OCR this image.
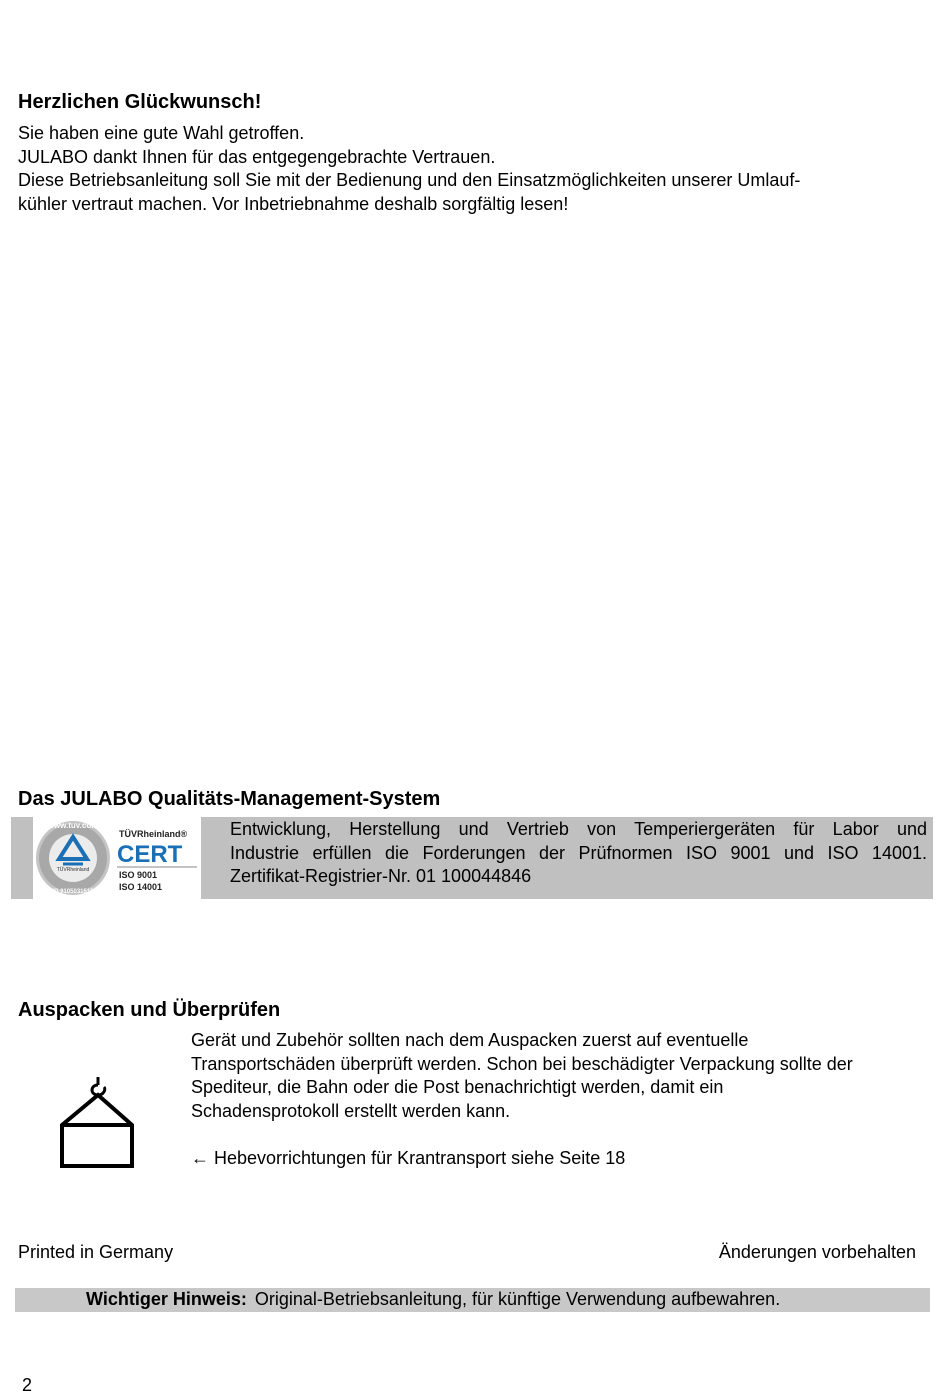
Herzlichen Glückwunsch!
Sie haben eine gute Wahl getroffen.
JULABO dankt Ihnen für das entgegengebrachte Vertrauen.
Diese Betriebsanleitung soll Sie mit der Bedienung und den Einsatzmöglichkeiten unserer Umlauf-
kühler vertraut machen. Vor Inbetriebnahme deshalb sorgfältig lesen!
Das JULABO Qualitäts-Management-System
TÜVRheinland
www.tuv.com
ID 9105031515
TÜVRheinland®
CERT
ISO 9001
ISO 14001
Entwicklung, Herstellung und Vertrieb von Temperiergeräten für Labor und
Industrie erfüllen die Forderungen der Prüfnormen ISO 9001 und ISO 14001.
Zertifikat-Registrier-Nr. 01 100044846
Auspacken und Überprüfen
Gerät und Zubehör sollten nach dem Auspacken zuerst auf eventuelle
Transportschäden überprüft werden. Schon bei beschädigter Verpackung sollte der
Spediteur, die Bahn oder die Post benachrichtigt werden, damit ein
Schadensprotokoll erstellt werden kann.
← Hebevorrichtungen für Krantransport siehe Seite 18
Printed in Germany	Änderungen vorbehalten
Wichtiger Hinweis: Original-Betriebsanleitung, für künftige Verwendung aufbewahren.
2
